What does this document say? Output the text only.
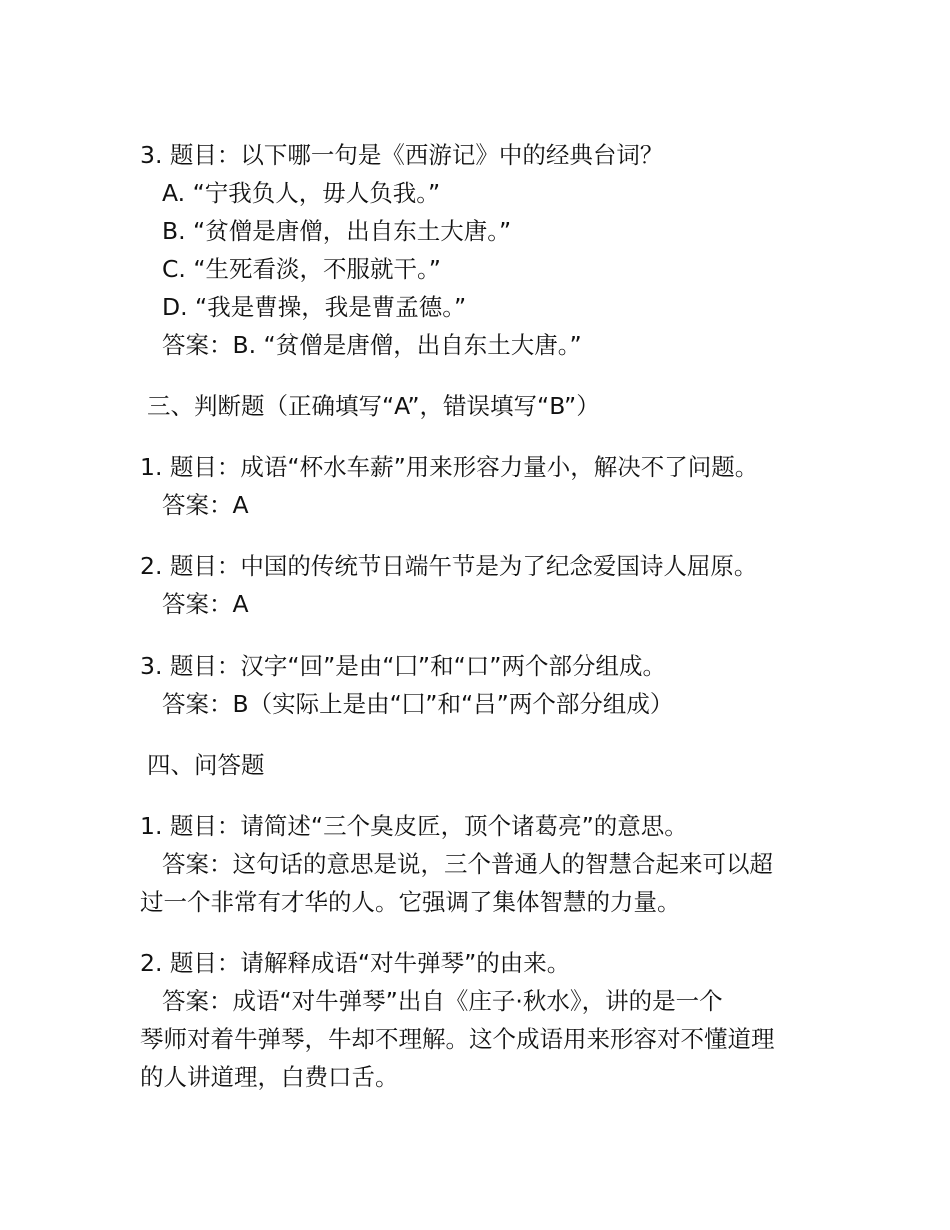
3. 题目：以下哪一句是《西游记》中的经典台词？
A. “宁我负人，毋人负我。”
B. “贫僧是唐僧，出自东土大唐。”
C. “生死看淡，不服就干。”
D. “我是曹操，我是曹孟德。”
答案：B. “贫僧是唐僧，出自东土大唐。”
三、判断题（正确填写“A”，错误填写“B”）
1. 题目：成语“杯水车薪”用来形容力量小，解决不了问题。
答案：A
2. 题目：中国的传统节日端午节是为了纪念爱国诗人屈原。
答案：A
3. 题目：汉字“回”是由“囗”和“口”两个部分组成。
答案：B（实际上是由“囗”和“吕”两个部分组成）
四、问答题
1. 题目：请简述“三个臭皮匠，顶个诸葛亮”的意思。
答案：这句话的意思是说，三个普通人的智慧合起来可以超
过一个非常有才华的人。它强调了集体智慧的力量。
2. 题目：请解释成语“对牛弹琴”的由来。
答案：成语“对牛弹琴”出自《庄子·秋水》，讲的是一个
琴师对着牛弹琴，牛却不理解。这个成语用来形容对不懂道理
的人讲道理，白费口舌。
